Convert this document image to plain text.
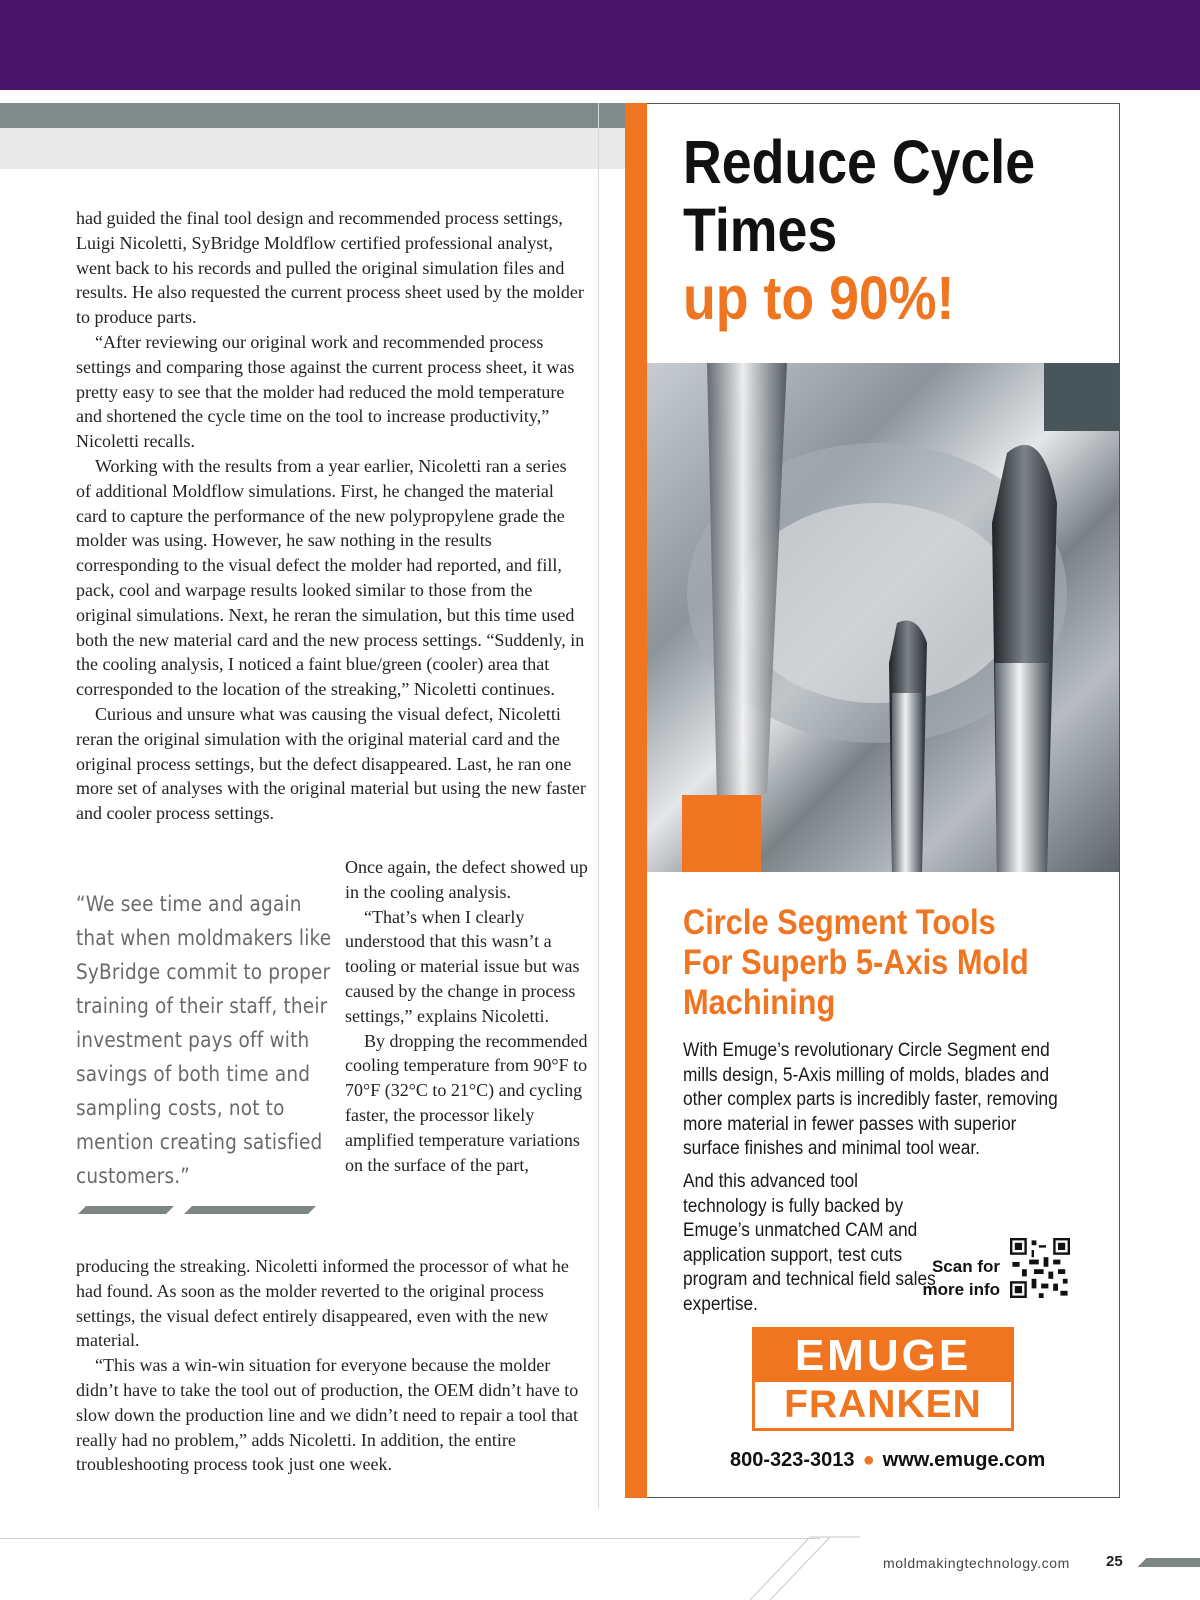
had guided the final tool design and recommended process settings, Luigi Nicoletti, SyBridge Moldflow certified professional analyst, went back to his records and pulled the original simulation files and results. He also requested the current process sheet used by the molder to produce parts.

“After reviewing our original work and recommended process settings and comparing those against the current process sheet, it was pretty easy to see that the molder had reduced the mold temperature and shortened the cycle time on the tool to increase productivity,” Nicoletti recalls.

Working with the results from a year earlier, Nicoletti ran a series of additional Moldflow simulations. First, he changed the material card to capture the performance of the new polypropylene grade the molder was using. However, he saw nothing in the results corresponding to the visual defect the molder had reported, and fill, pack, cool and warpage results looked similar to those from the original simulations. Next, he reran the simulation, but this time used both the new material card and the new process settings. “Suddenly, in the cooling analysis, I noticed a faint blue/green (cooler) area that corresponded to the location of the streaking,” Nicoletti continues.

Curious and unsure what was causing the visual defect, Nicoletti reran the original simulation with the original material card and the original process settings, but the defect disappeared. Last, he ran one more set of analyses with the original material but using the new faster and cooler process settings.

“We see time and again that when moldmakers like SyBridge commit to proper training of their staff, their investment pays off with savings of both time and sampling costs, not to mention creating satisfied customers.”

Once again, the defect showed up in the cooling analysis.

“That’s when I clearly understood that this wasn’t a tooling or material issue but was caused by the change in process settings,” explains Nicoletti.

By dropping the recommended cooling temperature from 90°F to 70°F (32°C to 21°C) and cycling faster, the processor likely amplified temperature variations on the surface of the part,

producing the streaking. Nicoletti informed the processor of what he had found. As soon as the molder reverted to the original process settings, the visual defect entirely disappeared, even with the new material.

“This was a win-win situation for everyone because the molder didn’t have to take the tool out of production, the OEM didn’t have to slow down the production line and we didn’t need to repair a tool that really had no problem,” adds Nicoletti. In addition, the entire troubleshooting process took just one week.

Reduce Cycle
Times
up to 90%!
Circle Segment Tools
For Superb 5-Axis Mold
Machining

With Emuge’s revolutionary Circle Segment end mills design, 5-Axis milling of molds, blades and other complex parts is incredibly faster, removing more material in fewer passes with superior surface finishes and minimal tool wear.

And this advanced tool technology is fully backed by Emuge’s unmatched CAM and application support, test cuts program and technical field sales expertise.

Scan for
more info
EMUGE
FRANKEN
800-323-3013 ● www.emuge.com
moldmakingtechnology.com 25
